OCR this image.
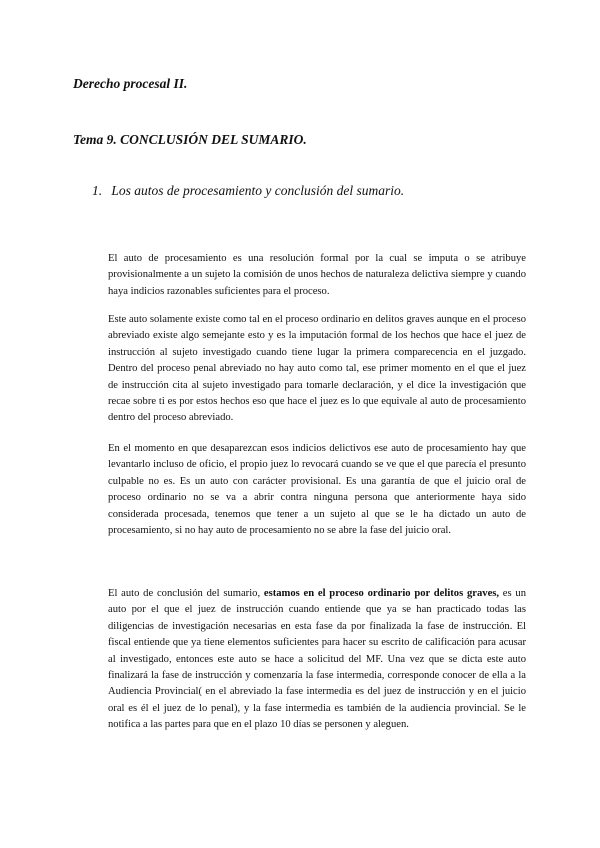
Derecho procesal II.

Tema 9. CONCLUSIÓN DEL SUMARIO.

1. Los autos de procesamiento y conclusión del sumario.

El auto de procesamiento es una resolución formal por la cual se imputa o se atribuye provisionalmente a un sujeto la comisión de unos hechos de naturaleza delictiva siempre y cuando haya indicios razonables suficientes para el proceso.

Este auto solamente existe como tal en el proceso ordinario en delitos graves aunque en el proceso abreviado existe algo semejante esto y es la imputación formal de los hechos que hace el juez de instrucción al sujeto investigado cuando tiene lugar la primera comparecencia en el juzgado. Dentro del proceso penal abreviado no hay auto como tal, ese primer momento en el que el juez de instrucción cita al sujeto investigado para tomarle declaración, y el dice la investigación que recae sobre ti es por estos hechos eso que hace el juez es lo que equivale al auto de procesamiento dentro del proceso abreviado.

En el momento en que desaparezcan esos indicios delictivos ese auto de procesamiento hay que levantarlo incluso de oficio, el propio juez lo revocará cuando se ve que el que parecía el presunto culpable no es. Es un auto con carácter provisional. Es una garantía de que el juicio oral de proceso ordinario no se va a abrir contra ninguna persona que anteriormente haya sido considerada procesada, tenemos que tener a un sujeto al que se le ha dictado un auto de procesamiento, si no hay auto de procesamiento no se abre la fase del juicio oral.

El auto de conclusión del sumario, estamos en el proceso ordinario por delitos graves, es un auto por el que el juez de instrucción cuando entiende que ya se han practicado todas las diligencias de investigación necesarias en esta fase da por finalizada la fase de instrucción. El fiscal entiende que ya tiene elementos suficientes para hacer su escrito de calificación para acusar al investigado, entonces este auto se hace a solicitud del MF. Una vez que se dicta este auto finalizará la fase de instrucción y comenzaría la fase intermedia, corresponde conocer de ella a la Audiencia Provincial( en el abreviado la fase intermedia es del juez de instrucción y en el juicio oral es él el juez de lo penal), y la fase intermedia es también de la audiencia provincial. Se le notifica a las partes para que en el plazo 10 días se personen y aleguen.
